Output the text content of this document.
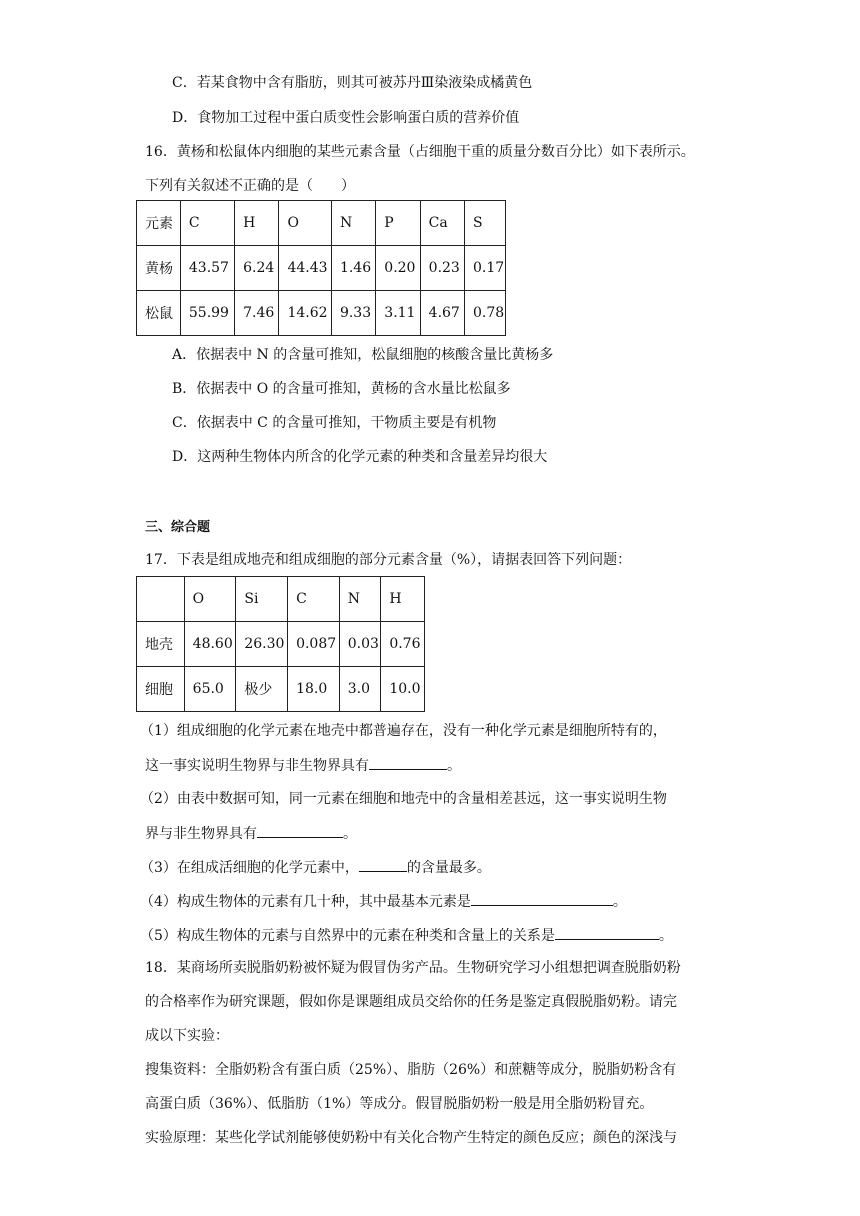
C．若某食物中含有脂肪，则其可被苏丹Ⅲ染液染成橘黄色
D．食物加工过程中蛋白质变性会影响蛋白质的营养价值
16．黄杨和松鼠体内细胞的某些元素含量（占细胞干重的质量分数百分比）如下表所示。
下列有关叙述不正确的是（　　）
元素	C	H	O	N	P	Ca	S
黄杨	43.57	6.24	44.43	1.46	0.20	0.23	0.17
松鼠	55.99	7.46	14.62	9.33	3.11	4.67	0.78
A．依据表中 N 的含量可推知，松鼠细胞的核酸含量比黄杨多
B．依据表中 O 的含量可推知，黄杨的含水量比松鼠多
C．依据表中 C 的含量可推知，干物质主要是有机物
D．这两种生物体内所含的化学元素的种类和含量差异均很大
三、综合题
17．下表是组成地壳和组成细胞的部分元素含量（%），请据表回答下列问题：
	O	Si	C	N	H
地壳	48.60	26.30	0.087	0.03	0.76
细胞	65.0	极少	18.0	3.0	10.0
（1）组成细胞的化学元素在地壳中都普遍存在，没有一种化学元素是细胞所特有的，
这一事实说明生物界与非生物界具有	。
（2）由表中数据可知，同一元素在细胞和地壳中的含量相差甚远，这一事实说明生物
界与非生物界具有	。
（3）在组成活细胞的化学元素中，	的含量最多。
（4）构成生物体的元素有几十种，其中最基本元素是	。
（5）构成生物体的元素与自然界中的元素在种类和含量上的关系是	。
18．某商场所卖脱脂奶粉被怀疑为假冒伪劣产品。生物研究学习小组想把调查脱脂奶粉
的合格率作为研究课题，假如你是课题组成员交给你的任务是鉴定真假脱脂奶粉。请完
成以下实验：
搜集资料：全脂奶粉含有蛋白质（25%）、脂肪（26%）和蔗糖等成分，脱脂奶粉含有
高蛋白质（36%）、低脂肪（1%）等成分。假冒脱脂奶粉一般是用全脂奶粉冒充。
实验原理：某些化学试剂能够使奶粉中有关化合物产生特定的颜色反应；颜色的深浅与
